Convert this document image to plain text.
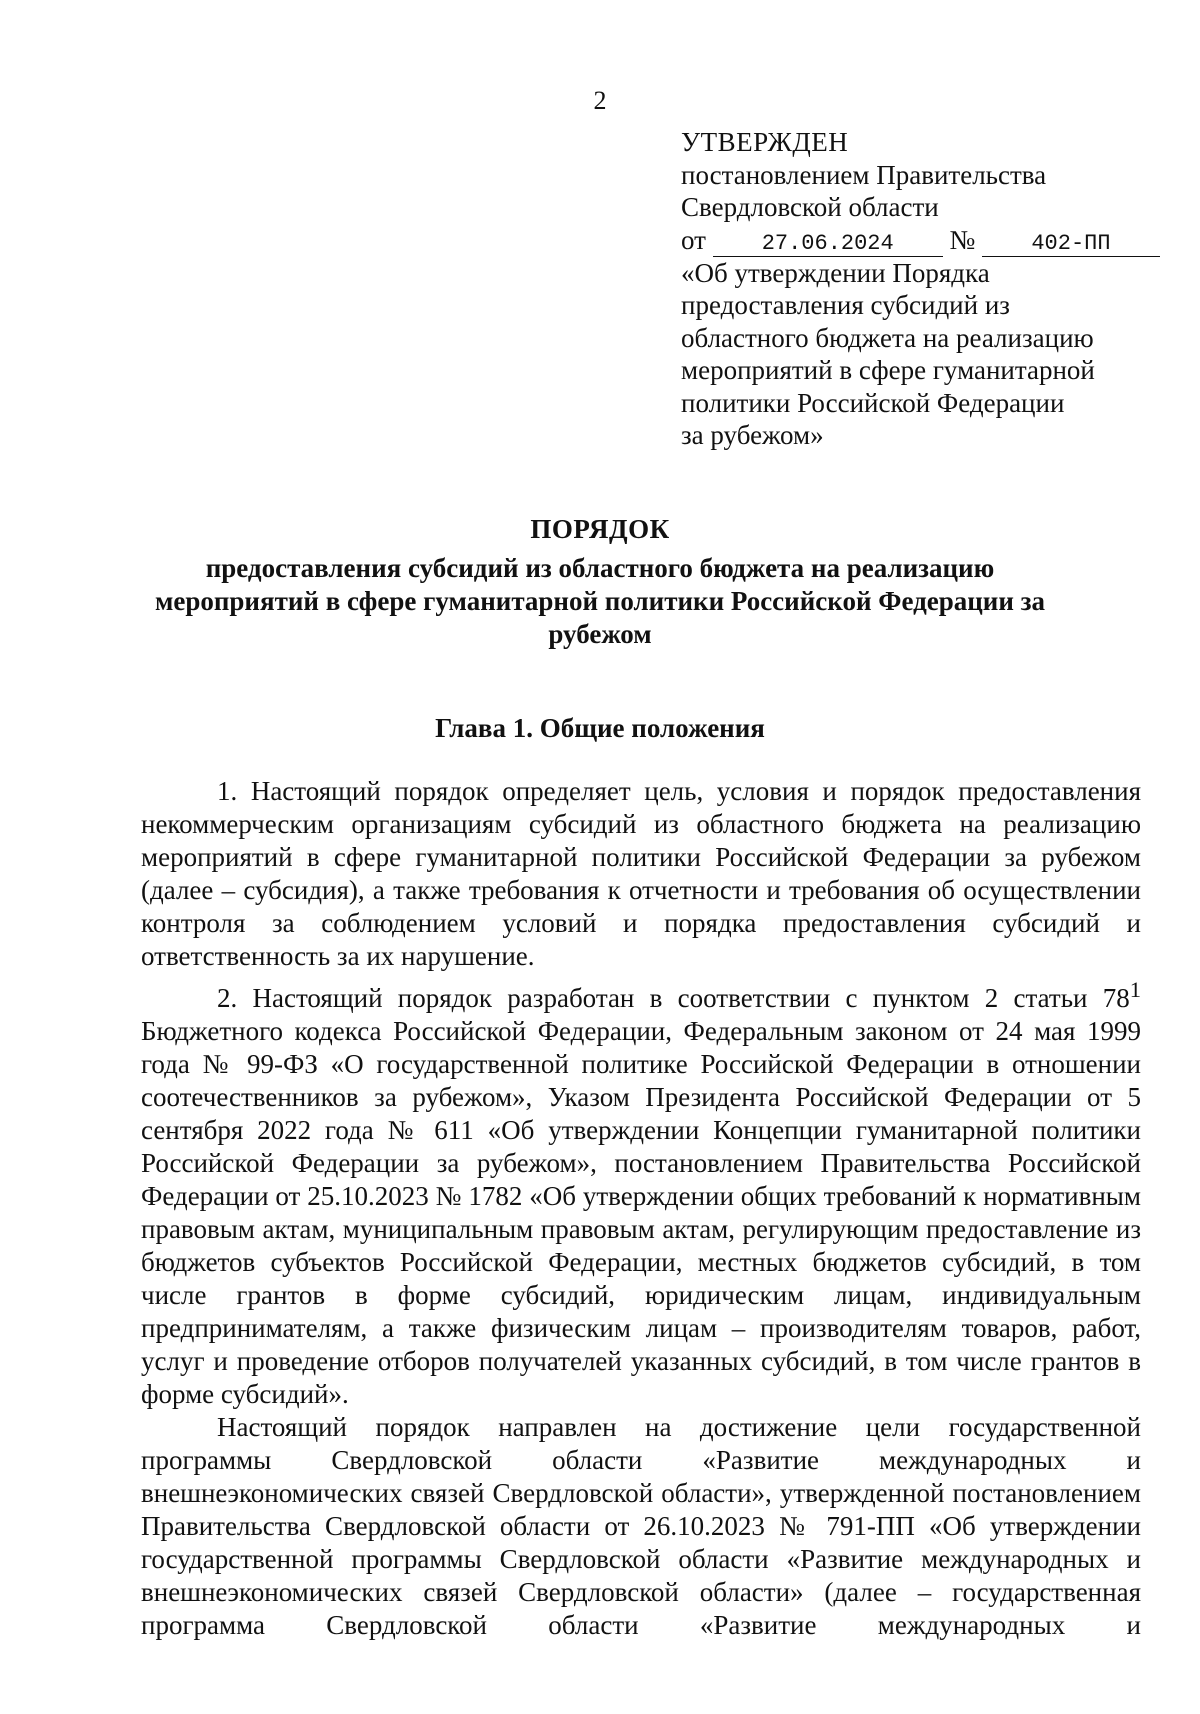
2
УТВЕРЖДЕН
постановлением Правительства
Свердловской области
от	27.06.2024 №	402-ПП
«Об утверждении Порядка
предоставления субсидий из
областного бюджета на реализацию
мероприятий в сфере гуманитарной
политики Российской Федерации
за рубежом»
ПОРЯДОК
предоставления субсидий из областного бюджета на реализацию мероприятий в сфере гуманитарной политики Российской Федерации за рубежом
Глава 1. Общие положения

1. Настоящий порядок определяет цель, условия и порядок предоставления некоммерческим организациям субсидий из областного бюджета на реализацию мероприятий в сфере гуманитарной политики Российской Федерации за рубежом (далее – субсидия), а также требования к отчетности и требования об осуществлении контроля за соблюдением условий и порядка предоставления субсидий и ответственность за их нарушение.

2. Настоящий порядок разработан в соответствии с пунктом 2 статьи $78^1$ Бюджетного кодекса Российской Федерации, Федеральным законом от 24 мая 1999 года № 99-ФЗ «О государственной политике Российской Федерации в отношении соотечественников за рубежом», Указом Президента Российской Федерации от 5 сентября 2022 года № 611 «Об утверждении Концепции гуманитарной политики Российской Федерации за рубежом», постановлением Правительства Российской Федерации от 25.10.2023 № 1782 «Об утверждении общих требований к нормативным правовым актам, муниципальным правовым актам, регулирующим предоставление из бюджетов субъектов Российской Федерации, местных бюджетов субсидий, в том числе грантов в форме субсидий, юридическим лицам, индивидуальным предпринимателям, а также физическим лицам – производителям товаров, работ, услуг и проведение отборов получателей указанных субсидий, в том числе грантов в форме субсидий».

Настоящий порядок направлен на достижение цели государственной программы Свердловской области «Развитие международных и внешнеэкономических связей Свердловской области», утвержденной постановлением Правительства Свердловской области от 26.10.2023 № 791-ПП «Об утверждении государственной программы Свердловской области «Развитие международных и внешнеэкономических связей Свердловской области» (далее – государственная программа Свердловской области «Развитие международных и
